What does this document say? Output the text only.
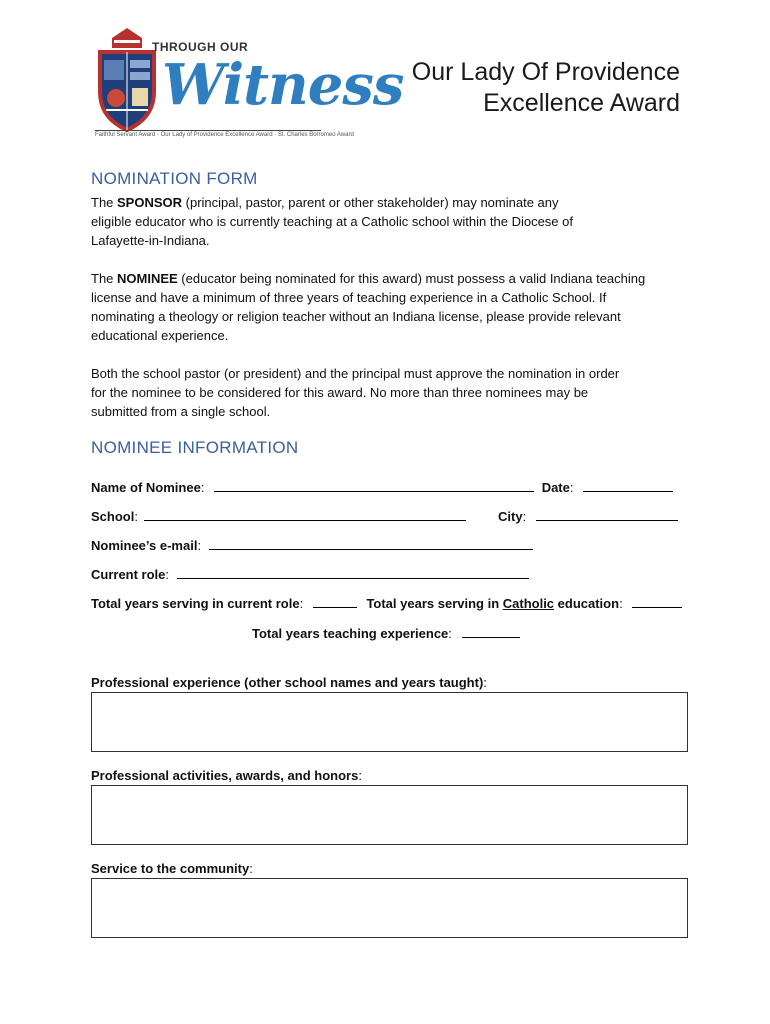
THROUGH OUR
Witness
Faithful Servant Award · Our Lady of Providence Excellence Award · St. Charles Borromeo Award
Our Lady Of Providence
Excellence Award
NOMINATION FORM
The SPONSOR (principal, pastor, parent or other stakeholder) may nominate any
eligible educator who is currently teaching at a Catholic school within the Diocese of
Lafayette-in-Indiana.
The NOMINEE (educator being nominated for this award) must possess a valid Indiana teaching
license and have a minimum of three years of teaching experience in a Catholic School. If
nominating a theology or religion teacher without an Indiana license, please provide relevant
educational experience.
Both the school pastor (or president) and the principal must approve the nomination in order
for the nominee to be considered for this award. No more than three nominees may be
submitted from a single school.
NOMINEE INFORMATION
Name of Nominee:	Date:
School:	City:
Nominee’s e-mail:
Current role:
Total years serving in current role:	Total years serving in Catholic education:
Total years teaching experience:
Professional experience (other school names and years taught):
Professional activities, awards, and honors:
Service to the community:
